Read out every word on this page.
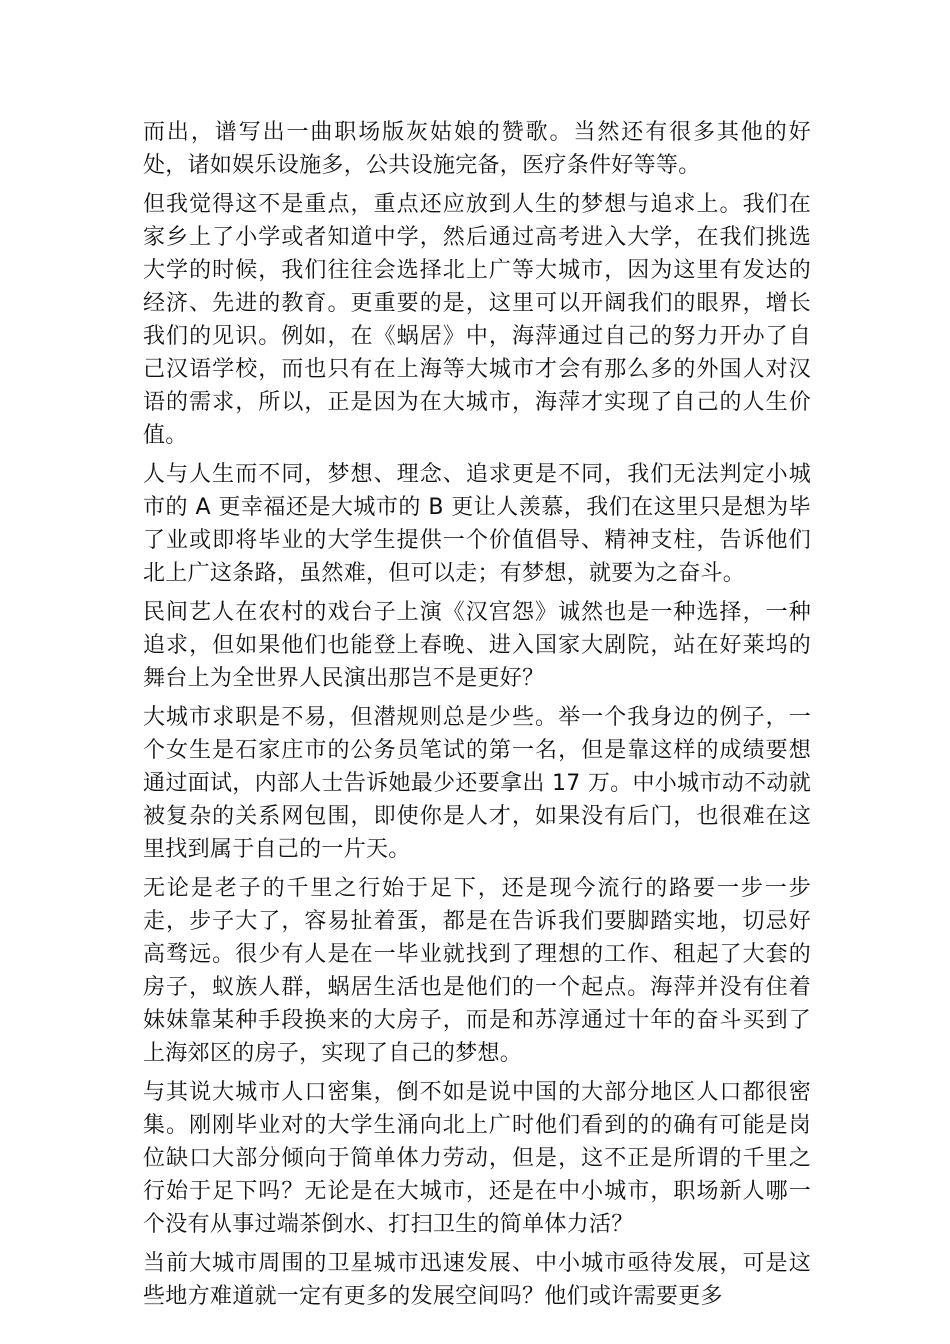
而出，谱写出一曲职场版灰姑娘的赞歌。当然还有很多其他的好处，诸如娱乐设施多，公共设施完备，医疗条件好等等。

但我觉得这不是重点，重点还应放到人生的梦想与追求上。我们在家乡上了小学或者知道中学，然后通过高考进入大学，在我们挑选大学的时候，我们往往会选择北上广等大城市，因为这里有发达的经济、先进的教育。更重要的是，这里可以开阔我们的眼界，增长我们的见识。例如，在《蜗居》中，海萍通过自己的努力开办了自己汉语学校，而也只有在上海等大城市才会有那么多的外国人对汉语的需求，所以，正是因为在大城市，海萍才实现了自己的人生价值。

人与人生而不同，梦想、理念、追求更是不同，我们无法判定小城市的 A 更幸福还是大城市的 B 更让人羡慕，我们在这里只是想为毕了业或即将毕业的大学生提供一个价值倡导、精神支柱，告诉他们北上广这条路，虽然难，但可以走；有梦想，就要为之奋斗。

民间艺人在农村的戏台子上演《汉宫怨》诚然也是一种选择，一种追求，但如果他们也能登上春晚、进入国家大剧院，站在好莱坞的舞台上为全世界人民演出那岂不是更好？

大城市求职是不易，但潜规则总是少些。举一个我身边的例子，一个女生是石家庄市的公务员笔试的第一名，但是靠这样的成绩要想通过面试，内部人士告诉她最少还要拿出 17 万。中小城市动不动就被复杂的关系网包围，即使你是人才，如果没有后门，也很难在这里找到属于自己的一片天。

无论是老子的千里之行始于足下，还是现今流行的路要一步一步走，步子大了，容易扯着蛋，都是在告诉我们要脚踏实地，切忌好高骛远。很少有人是在一毕业就找到了理想的工作、租起了大套的房子，蚁族人群，蜗居生活也是他们的一个起点。海萍并没有住着妹妹靠某种手段换来的大房子，而是和苏淳通过十年的奋斗买到了上海郊区的房子，实现了自己的梦想。

与其说大城市人口密集，倒不如是说中国的大部分地区人口都很密集。刚刚毕业对的大学生涌向北上广时他们看到的的确有可能是岗位缺口大部分倾向于简单体力劳动，但是，这不正是所谓的千里之行始于足下吗？无论是在大城市，还是在中小城市，职场新人哪一个没有从事过端茶倒水、打扫卫生的简单体力活？

当前大城市周围的卫星城市迅速发展、中小城市亟待发展，可是这些地方难道就一定有更多的发展空间吗？他们或许需要更多
